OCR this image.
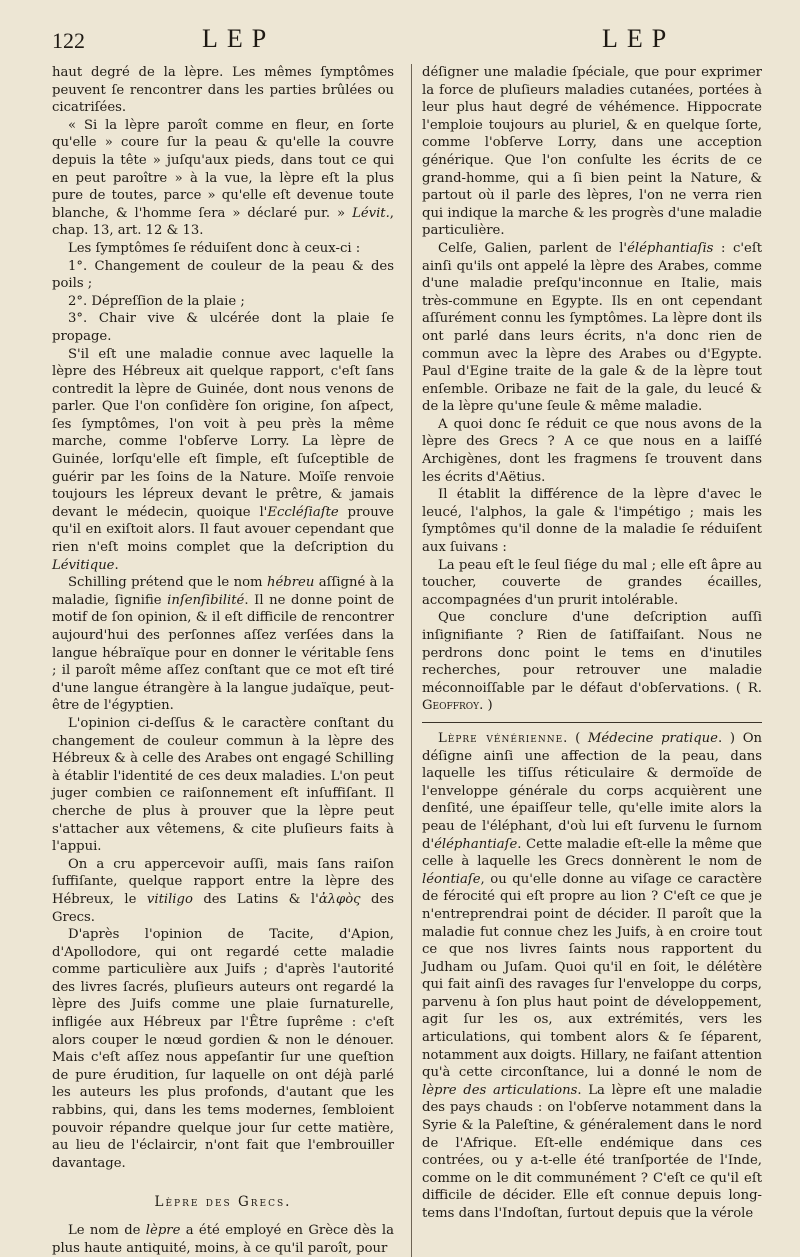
122	LEP	LEP

haut degré de la lèpre. Les mêmes ſymptômes peuvent ſe rencontrer dans les parties brûlées ou cicatriſées.

« Si la lèpre paroît comme en fleur, en ſorte qu'elle » coure ſur la peau & qu'elle la couvre depuis la tête » juſqu'aux pieds, dans tout ce qui en peut paroître » à la vue, la lèpre eſt la plus pure de toutes, parce » qu'elle eſt devenue toute blanche, & l'homme ſera » déclaré pur. » Lévit., chap. 13, art. 12 & 13.

Les ſymptômes ſe réduiſent donc à ceux-ci :

1°. Changement de couleur de la peau & des poils ;

2°. Dépreſſion de la plaie ;

3°. Chair vive & ulcérée dont la plaie ſe propage.

S'il eſt une maladie connue avec laquelle la lèpre des Hébreux ait quelque rapport, c'eſt ſans contredit la lèpre de Guinée, dont nous venons de parler. Que l'on conſidère ſon origine, ſon aſpect, ſes ſymptômes, l'on voit à peu près la même marche, comme l'obſerve Lorry. La lèpre de Guinée, lorſqu'elle eſt ſimple, eſt ſuſceptible de guérir par les ſoins de la Nature. Moïſe renvoie toujours les lépreux devant le prêtre, & jamais devant le médecin, quoique l'Eccléſiaſte prouve qu'il en exiſtoit alors. Il faut avouer cependant que rien n'eſt moins complet que la deſcription du Lévitique.

Schilling prétend que le nom hébreu aſſigné à la maladie, ſignifie inſenſibilité. Il ne donne point de motif de ſon opinion, & il eſt difficile de rencontrer aujourd'hui des perſonnes aſſez verſées dans la langue hébraïque pour en donner le véritable ſens ; il paroît même aſſez conſtant que ce mot eſt tiré d'une langue étrangère à la langue judaïque, peut-être de l'égyptien.

L'opinion ci-deſſus & le caractère conſtant du changement de couleur commun à la lèpre des Hébreux & à celle des Arabes ont engagé Schilling à établir l'identité de ces deux maladies. L'on peut juger combien ce raiſonnement eſt inſuffiſant. Il cherche de plus à prouver que la lèpre peut s'attacher aux vêtemens, & cite pluſieurs faits à l'appui.

On a cru appercevoir auſſi, mais ſans raiſon ſuffiſante, quelque rapport entre la lèpre des Hébreux, le vitiligo des Latins & l'ἀλφὸς des Grecs.

D'après l'opinion de Tacite, d'Apion, d'Apollodore, qui ont regardé cette maladie comme particulière aux Juifs ; d'après l'autorité des livres ſacrés, pluſieurs auteurs ont regardé la lèpre des Juifs comme une plaie ſurnaturelle, infligée aux Hébreux par l'Être ſuprême : c'eſt alors couper le nœud gordien & non le dénouer. Mais c'eſt aſſez nous appeſantir ſur une queſtion de pure érudition, ſur laquelle on ont déjà parlé les auteurs les plus profonds, d'autant que les rabbins, qui, dans les tems modernes, ſembloient pouvoir répandre quelque jour ſur cette matière, au lieu de l'éclaircir, n'ont fait que l'embrouiller davantage.

Lèpre des Grecs.

Le nom de lèpre a été employé en Grèce dès la plus haute antiquité, moins, à ce qu'il paroît, pour

déſigner une maladie ſpéciale, que pour exprimer la force de pluſieurs maladies cutanées, portées à leur plus haut degré de véhémence. Hippocrate l'emploie toujours au pluriel, & en quelque ſorte, comme l'obſerve Lorry, dans une acception générique. Que l'on conſulte les écrits de ce grand-homme, qui a ſi bien peint la Nature, & partout où il parle des lèpres, l'on ne verra rien qui indique la marche & les progrès d'une maladie particulière.

Celſe, Galien, parlent de l'éléphantiaſis : c'eſt ainſi qu'ils ont appelé la lèpre des Arabes, comme d'une maladie preſqu'inconnue en Italie, mais très-commune en Egypte. Ils en ont cependant aſſurément connu les ſymptômes. La lèpre dont ils ont parlé dans leurs écrits, n'a donc rien de commun avec la lèpre des Arabes ou d'Egypte. Paul d'Egine traite de la gale & de la lèpre tout enſemble. Oribaze ne fait de la gale, du leucé & de la lèpre qu'une ſeule & même maladie.

A quoi donc ſe réduit ce que nous avons de la lèpre des Grecs ? A ce que nous en a laiſſé Archigènes, dont les fragmens ſe trouvent dans les écrits d'Aëtius.

Il établit la différence de la lèpre d'avec le leucé, l'alphos, la gale & l'impétigo ; mais les ſymptômes qu'il donne de la maladie ſe réduiſent aux ſuivans :

La peau eſt le ſeul ſiége du mal ; elle eſt âpre au toucher, couverte de grandes écailles, accompagnées d'un prurit intolérable.

Que conclure d'une deſcription auſſi inſignifiante ? Rien de ſatiſfaiſant. Nous ne perdrons donc point le tems en d'inutiles recherches, pour retrouver une maladie méconnoiſſable par le défaut d'obſervations. ( R. Geoffroy. )

Lèpre vénérienne. ( Médecine pratique. ) On déſigne ainſi une affection de la peau, dans laquelle les tiſſus réticulaire & dermoïde de l'enveloppe générale du corps acquièrent une denſité, une épaiſſeur telle, qu'elle imite alors la peau de l'éléphant, d'où lui eſt ſurvenu le ſurnom d'éléphantiaſe. Cette maladie eſt-elle la même que celle à laquelle les Grecs donnèrent le nom de léontiaſe, ou qu'elle donne au viſage ce caractère de férocité qui eſt propre au lion ? C'eſt ce que je n'entreprendrai point de décider. Il paroît que la maladie fut connue chez les Juifs, à en croire tout ce que nos livres ſaints nous rapportent du Judham ou Juſam. Quoi qu'il en ſoit, le délétère qui fait ainſi des ravages ſur l'enveloppe du corps, parvenu à ſon plus haut point de développement, agit ſur les os, aux extrémités, vers les articulations, qui tombent alors & ſe ſéparent, notamment aux doigts. Hillary, ne faiſant attention qu'à cette circonſtance, lui a donné le nom de lèpre des articulations. La lèpre eſt une maladie des pays chauds : on l'obſerve notamment dans la Syrie & la Paleſtine, & généralement dans le nord de l'Afrique. Eſt-elle endémique dans ces contrées, ou y a-t-elle été tranſportée de l'Inde, comme on le dit communément ? C'eſt ce qu'il eſt difficile de décider. Elle eſt connue depuis long-tems dans l'Indoſtan, ſurtout depuis que la vérole
